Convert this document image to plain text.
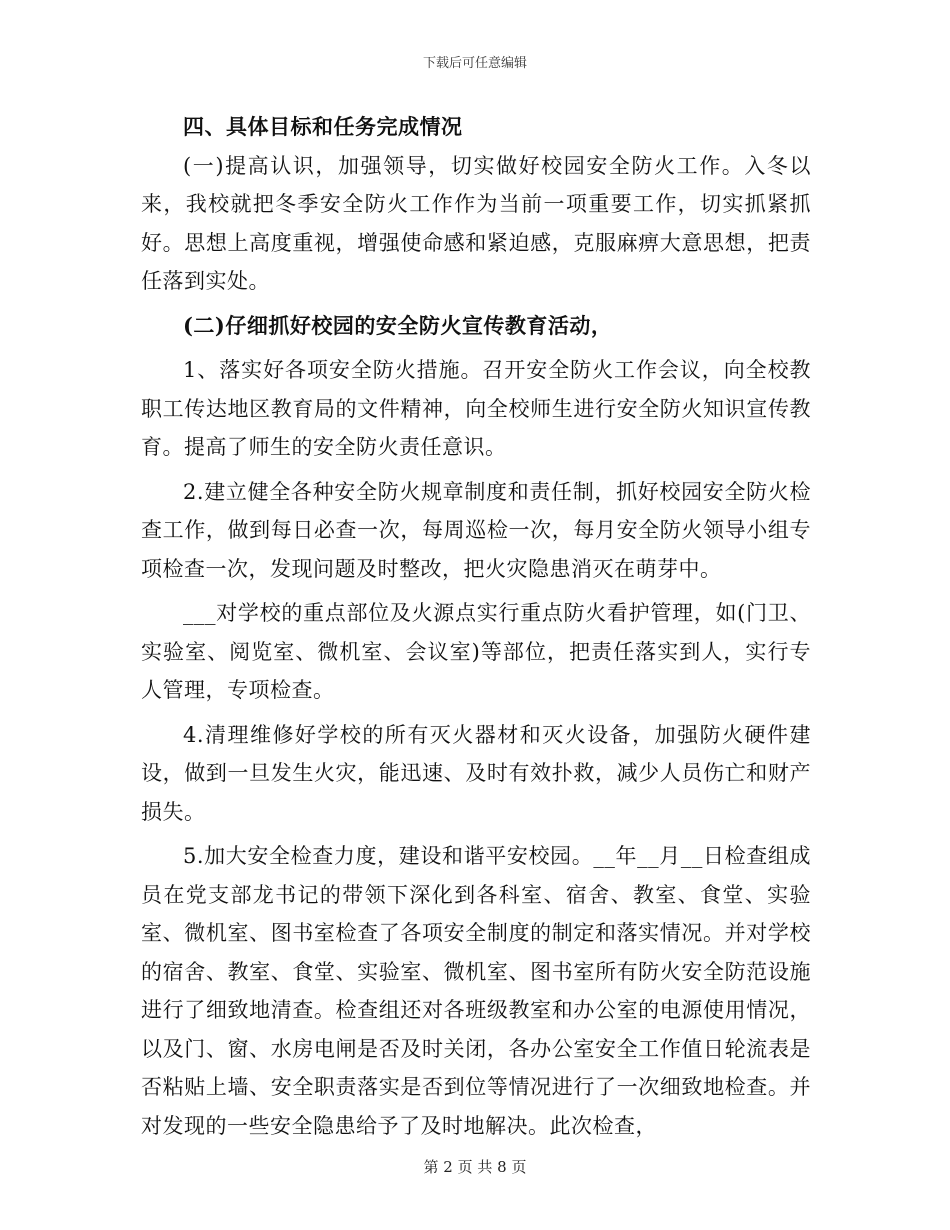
下载后可任意编辑

四、具体目标和任务完成情况

(一)提高认识，加强领导，切实做好校园安全防火工作。入冬以来，我校就把冬季安全防火工作作为当前一项重要工作，切实抓紧抓好。思想上高度重视，增强使命感和紧迫感，克服麻痹大意思想，把责任落到实处。

(二)仔细抓好校园的安全防火宣传教育活动，

1、落实好各项安全防火措施。召开安全防火工作会议，向全校教职工传达地区教育局的文件精神，向全校师生进行安全防火知识宣传教育。提高了师生的安全防火责任意识。

2.建立健全各种安全防火规章制度和责任制，抓好校园安全防火检查工作，做到每日必查一次，每周巡检一次，每月安全防火领导小组专项检查一次，发现问题及时整改，把火灾隐患消灭在萌芽中。

___对学校的重点部位及火源点实行重点防火看护管理，如(门卫、实验室、阅览室、微机室、会议室)等部位，把责任落实到人，实行专人管理，专项检查。

4.清理维修好学校的所有灭火器材和灭火设备，加强防火硬件建设，做到一旦发生火灾，能迅速、及时有效扑救，减少人员伤亡和财产损失。

5.加大安全检查力度，建设和谐平安校园。__年__月__日检查组成员在党支部龙书记的带领下深化到各科室、宿舍、教室、食堂、实验室、微机室、图书室检查了各项安全制度的制定和落实情况。并对学校的宿舍、教室、食堂、实验室、微机室、图书室所有防火安全防范设施进行了细致地清查。检查组还对各班级教室和办公室的电源使用情况，以及门、窗、水房电闸是否及时关闭，各办公室安全工作值日轮流表是否粘贴上墙、安全职责落实是否到位等情况进行了一次细致地检查。并对发现的一些安全隐患给予了及时地解决。此次检查，

第 2 页 共 8 页
